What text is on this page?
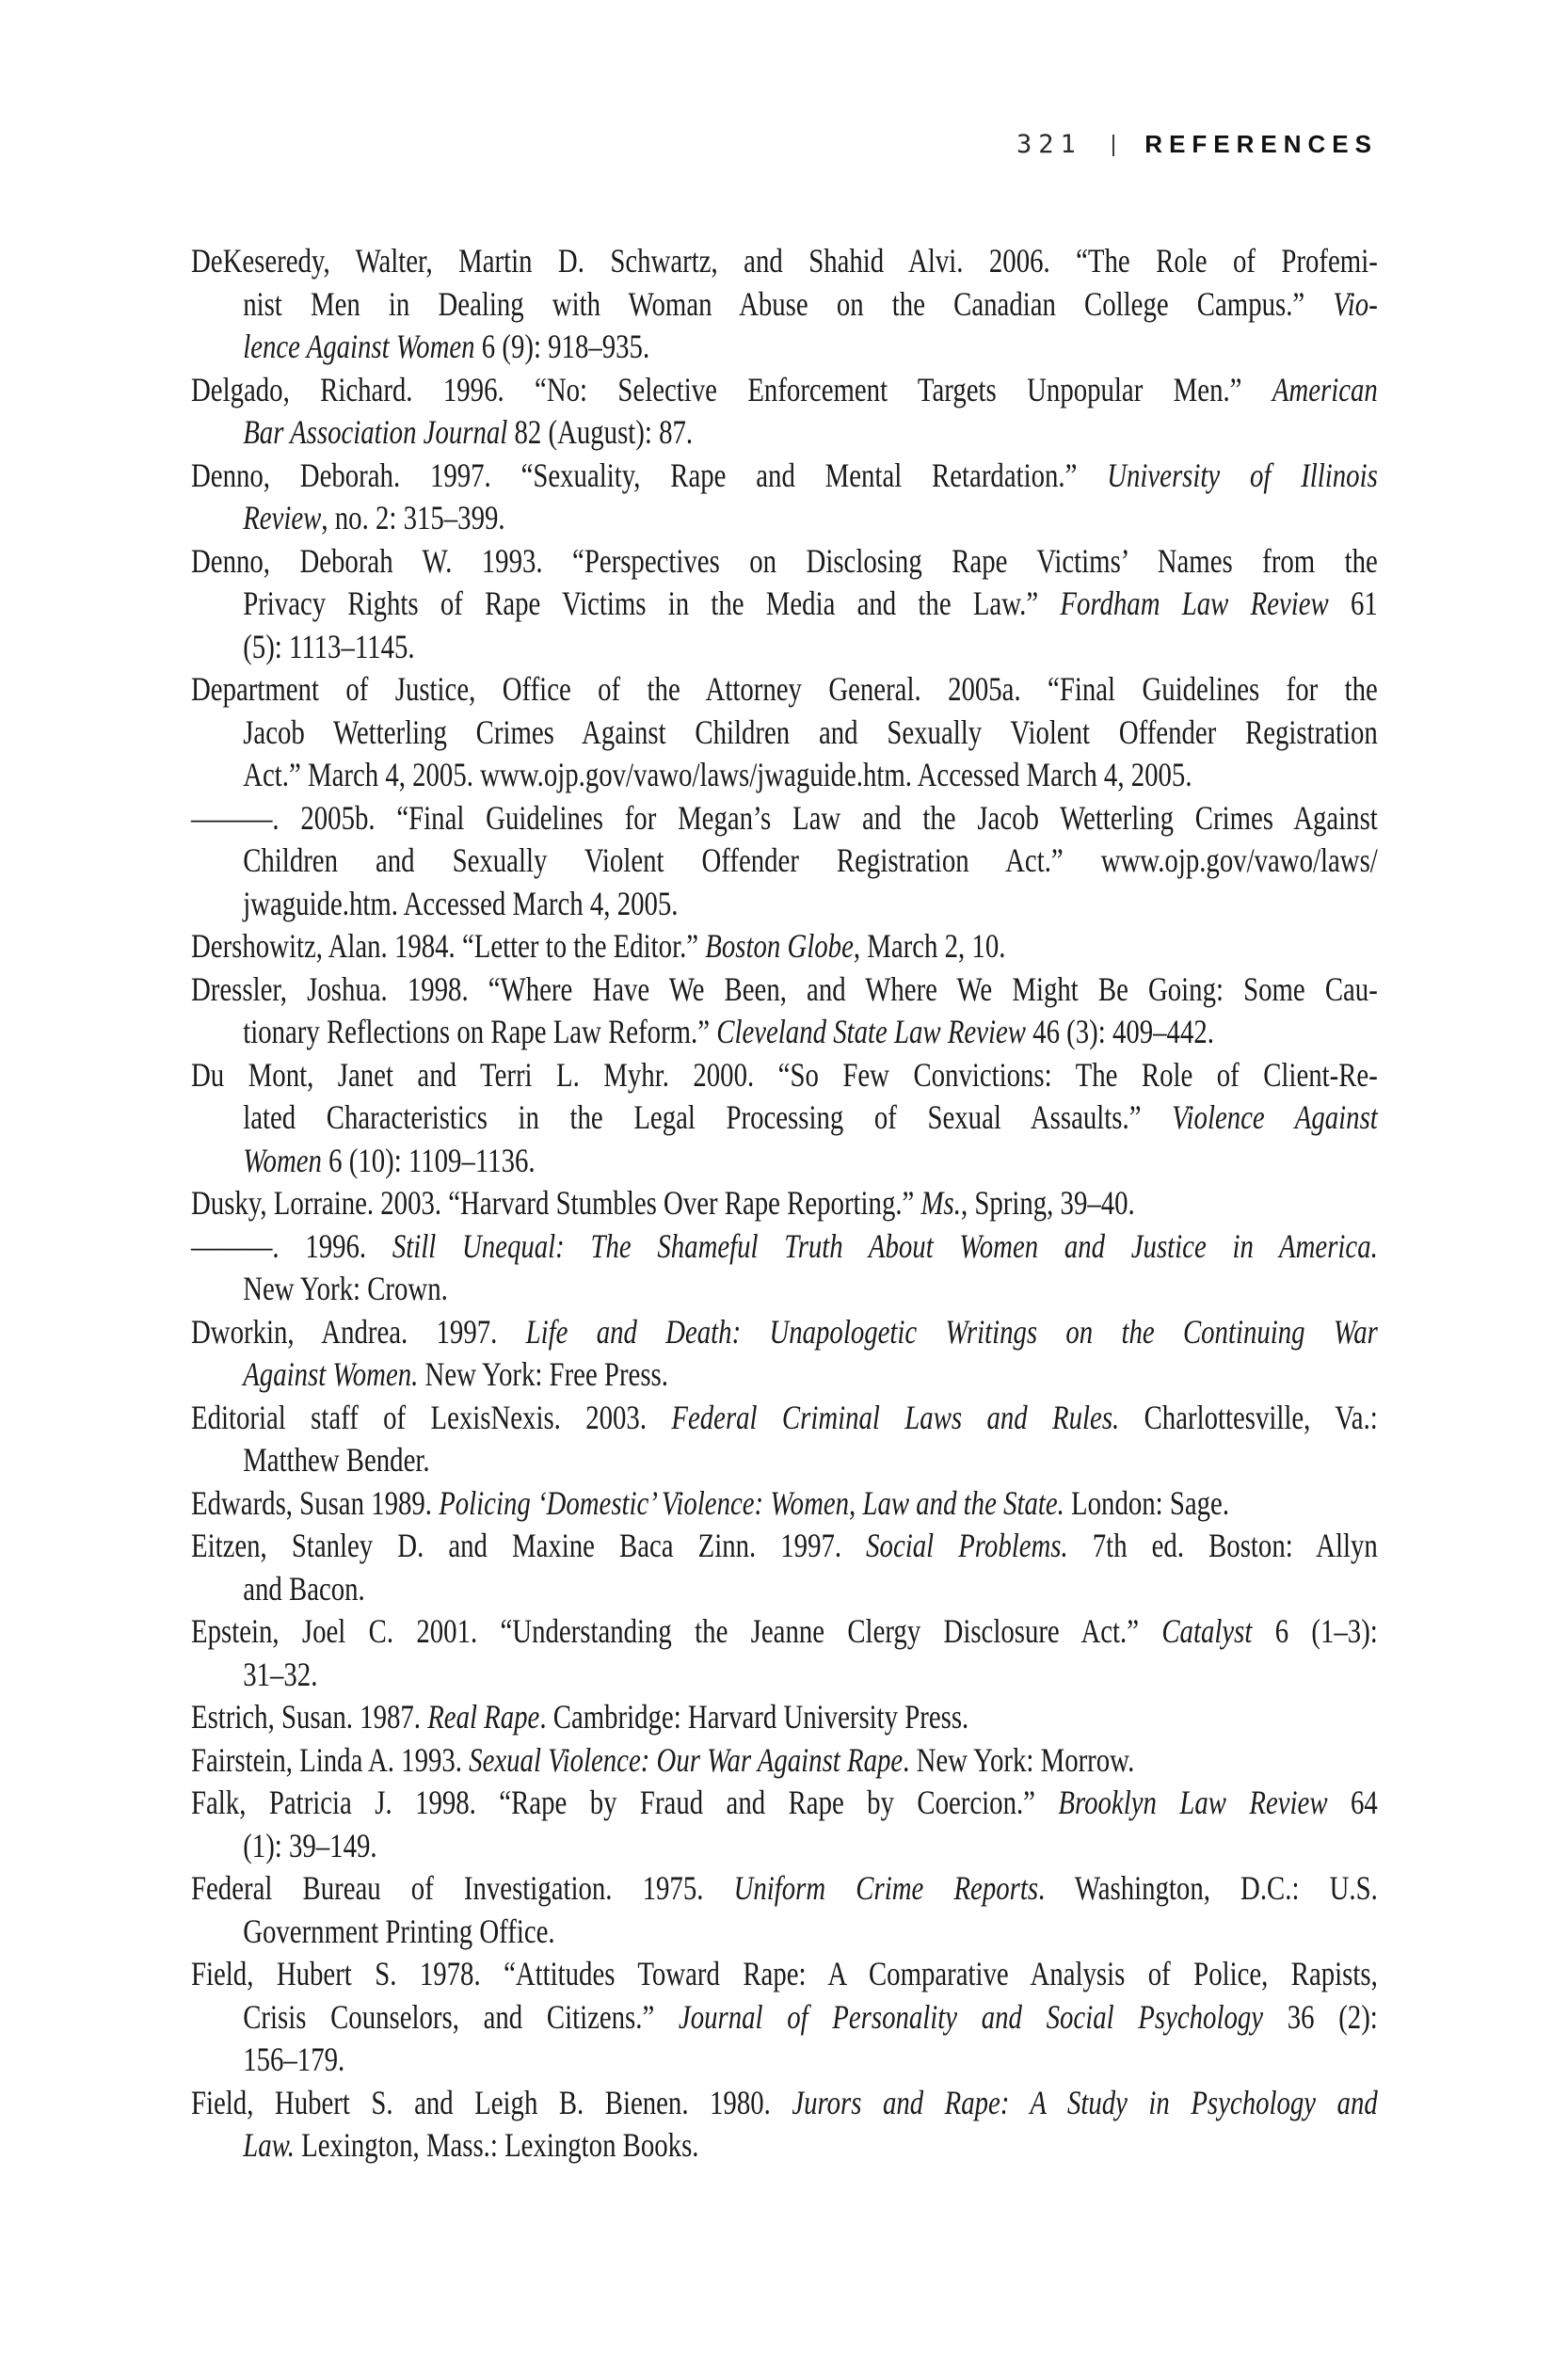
321 | REFERENCES
DeKeseredy, Walter, Martin D. Schwartz, and Shahid Alvi. 2006. “The Role of Profemi-
nist Men in Dealing with Woman Abuse on the Canadian College Campus.” Vio-
lence Against Women 6 (9): 918–935.
Delgado, Richard. 1996. “No: Selective Enforcement Targets Unpopular Men.” American
Bar Association Journal 82 (August): 87.
Denno, Deborah. 1997. “Sexuality, Rape and Mental Retardation.” University of Illinois
Review, no. 2: 315–399.
Denno, Deborah W. 1993. “Perspectives on Disclosing Rape Victims’ Names from the
Privacy Rights of Rape Victims in the Media and the Law.” Fordham Law Review 61
(5): 1113–1145.
Department of Justice, Office of the Attorney General. 2005a. “Final Guidelines for the
Jacob Wetterling Crimes Against Children and Sexually Violent Offender Registration
Act.” March 4, 2005. www.ojp.gov/vawo/laws/jwaguide.htm. Accessed March 4, 2005.
———. 2005b. “Final Guidelines for Megan’s Law and the Jacob Wetterling Crimes Against
Children and Sexually Violent Offender Registration Act.” www.ojp.gov/vawo/laws/
jwaguide.htm. Accessed March 4, 2005.
Dershowitz, Alan. 1984. “Letter to the Editor.” Boston Globe, March 2, 10.
Dressler, Joshua. 1998. “Where Have We Been, and Where We Might Be Going: Some Cau-
tionary Reflections on Rape Law Reform.” Cleveland State Law Review 46 (3): 409–442.
Du Mont, Janet and Terri L. Myhr. 2000. “So Few Convictions: The Role of Client-Re-
lated Characteristics in the Legal Processing of Sexual Assaults.” Violence Against
Women 6 (10): 1109–1136.
Dusky, Lorraine. 2003. “Harvard Stumbles Over Rape Reporting.” Ms., Spring, 39–40.
———. 1996. Still Unequal: The Shameful Truth About Women and Justice in America.
New York: Crown.
Dworkin, Andrea. 1997. Life and Death: Unapologetic Writings on the Continuing War
Against Women. New York: Free Press.
Editorial staff of LexisNexis. 2003. Federal Criminal Laws and Rules. Charlottesville, Va.:
Matthew Bender.
Edwards, Susan 1989. Policing ‘Domestic’ Violence: Women, Law and the State. London: Sage.
Eitzen, Stanley D. and Maxine Baca Zinn. 1997. Social Problems. 7th ed. Boston: Allyn
and Bacon.
Epstein, Joel C. 2001. “Understanding the Jeanne Clergy Disclosure Act.” Catalyst 6 (1–3):
31–32.
Estrich, Susan. 1987. Real Rape. Cambridge: Harvard University Press.
Fairstein, Linda A. 1993. Sexual Violence: Our War Against Rape. New York: Morrow.
Falk, Patricia J. 1998. “Rape by Fraud and Rape by Coercion.” Brooklyn Law Review 64
(1): 39–149.
Federal Bureau of Investigation. 1975. Uniform Crime Reports. Washington, D.C.: U.S.
Government Printing Office.
Field, Hubert S. 1978. “Attitudes Toward Rape: A Comparative Analysis of Police, Rapists,
Crisis Counselors, and Citizens.” Journal of Personality and Social Psychology 36 (2):
156–179.
Field, Hubert S. and Leigh B. Bienen. 1980. Jurors and Rape: A Study in Psychology and
Law. Lexington, Mass.: Lexington Books.
